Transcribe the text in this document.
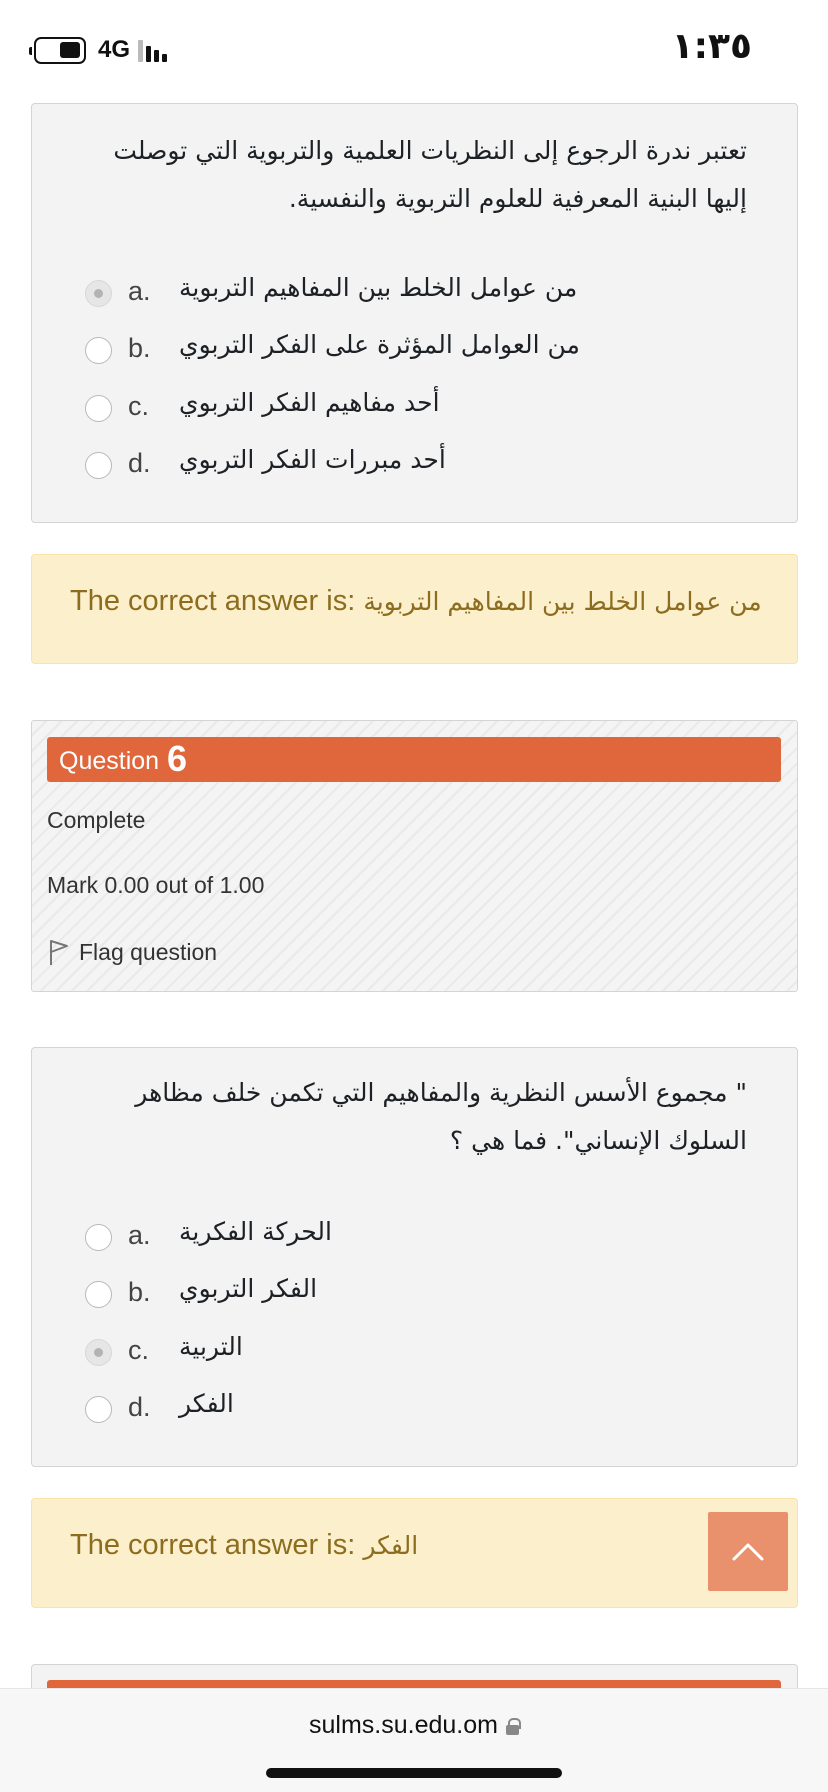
4G	١:٣٥
تعتبر ندرة الرجوع إلى النظريات العلمية والتربوية التي توصلت إليها البنية المعرفية للعلوم التربوية والنفسية.
a. من عوامل الخلط بين المفاهيم التربوية
b. من العوامل المؤثرة على الفكر التربوي
c. أحد مفاهيم الفكر التربوي
d. أحد مبررات الفكر التربوي
The correct answer is: من عوامل الخلط بين المفاهيم التربوية
Question 6
Complete
Mark 0.00 out of 1.00
Flag question
" مجموع الأسس النظرية والمفاهيم التي تكمن خلف مظاهر السلوك الإنساني". فما هي ؟
a. الحركة الفكرية
b. الفكر التربوي
c. التربية
d. الفكر
The correct answer is: الفكر
sulms.su.edu.om
